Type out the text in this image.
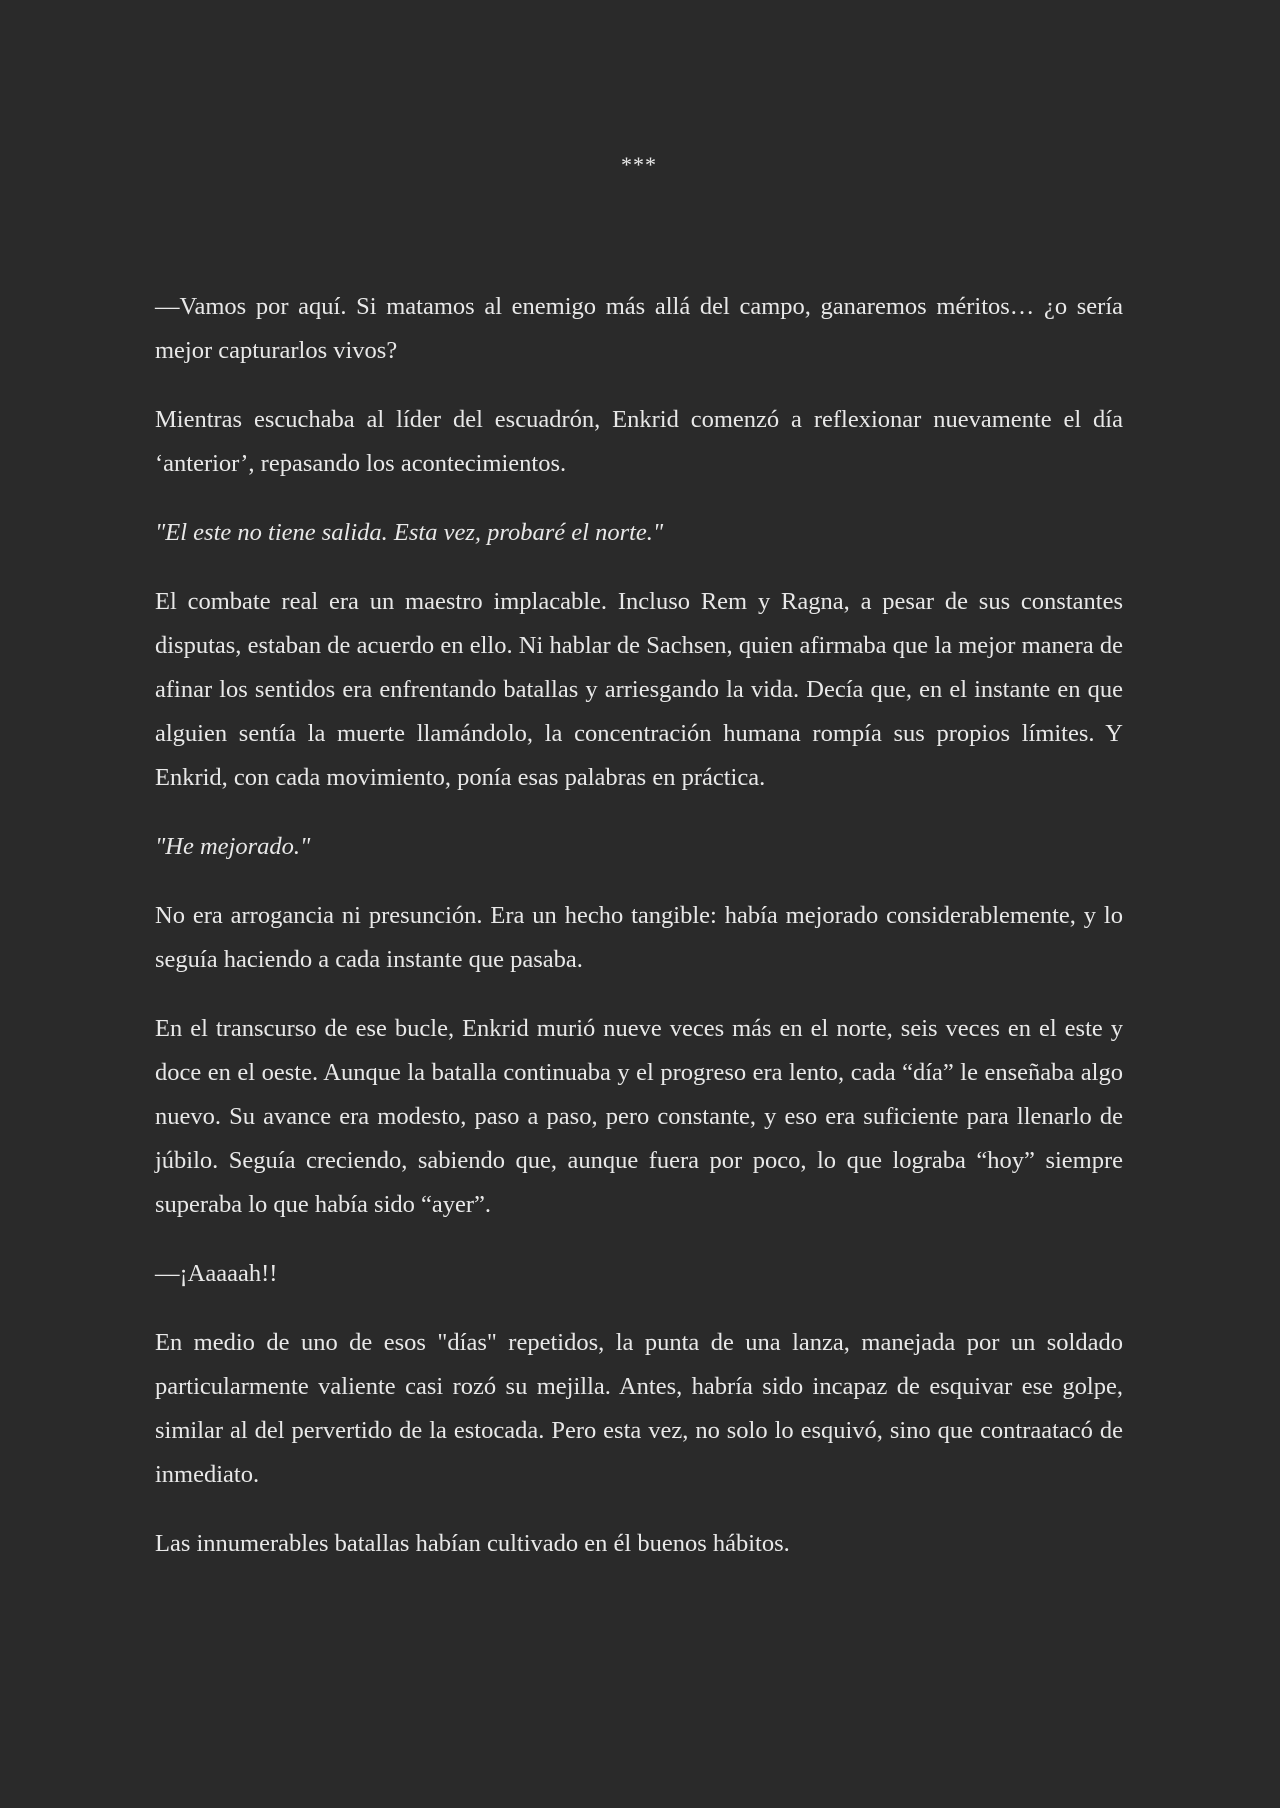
***

—Vamos por aquí. Si matamos al enemigo más allá del campo, ganaremos méritos… ¿o sería mejor capturarlos vivos?

Mientras escuchaba al líder del escuadrón, Enkrid comenzó a reflexionar nuevamente el día ‘anterior’, repasando los acontecimientos.

"El este no tiene salida. Esta vez, probaré el norte."

El combate real era un maestro implacable. Incluso Rem y Ragna, a pesar de sus constantes disputas, estaban de acuerdo en ello. Ni hablar de Sachsen, quien afirmaba que la mejor manera de afinar los sentidos era enfrentando batallas y arriesgando la vida. Decía que, en el instante en que alguien sentía la muerte llamándolo, la concentración humana rompía sus propios límites. Y Enkrid, con cada movimiento, ponía esas palabras en práctica.

"He mejorado."

No era arrogancia ni presunción. Era un hecho tangible: había mejorado considerablemente, y lo seguía haciendo a cada instante que pasaba.

En el transcurso de ese bucle, Enkrid murió nueve veces más en el norte, seis veces en el este y doce en el oeste. Aunque la batalla continuaba y el progreso era lento, cada “día” le enseñaba algo nuevo. Su avance era modesto, paso a paso, pero constante, y eso era suficiente para llenarlo de júbilo. Seguía creciendo, sabiendo que, aunque fuera por poco, lo que lograba “hoy” siempre superaba lo que había sido “ayer”.

—¡Aaaaah!!

En medio de uno de esos "días" repetidos, la punta de una lanza, manejada por un soldado particularmente valiente casi rozó su mejilla. Antes, habría sido incapaz de esquivar ese golpe, similar al del pervertido de la estocada. Pero esta vez, no solo lo esquivó, sino que contraatacó de inmediato.

Las innumerables batallas habían cultivado en él buenos hábitos.
